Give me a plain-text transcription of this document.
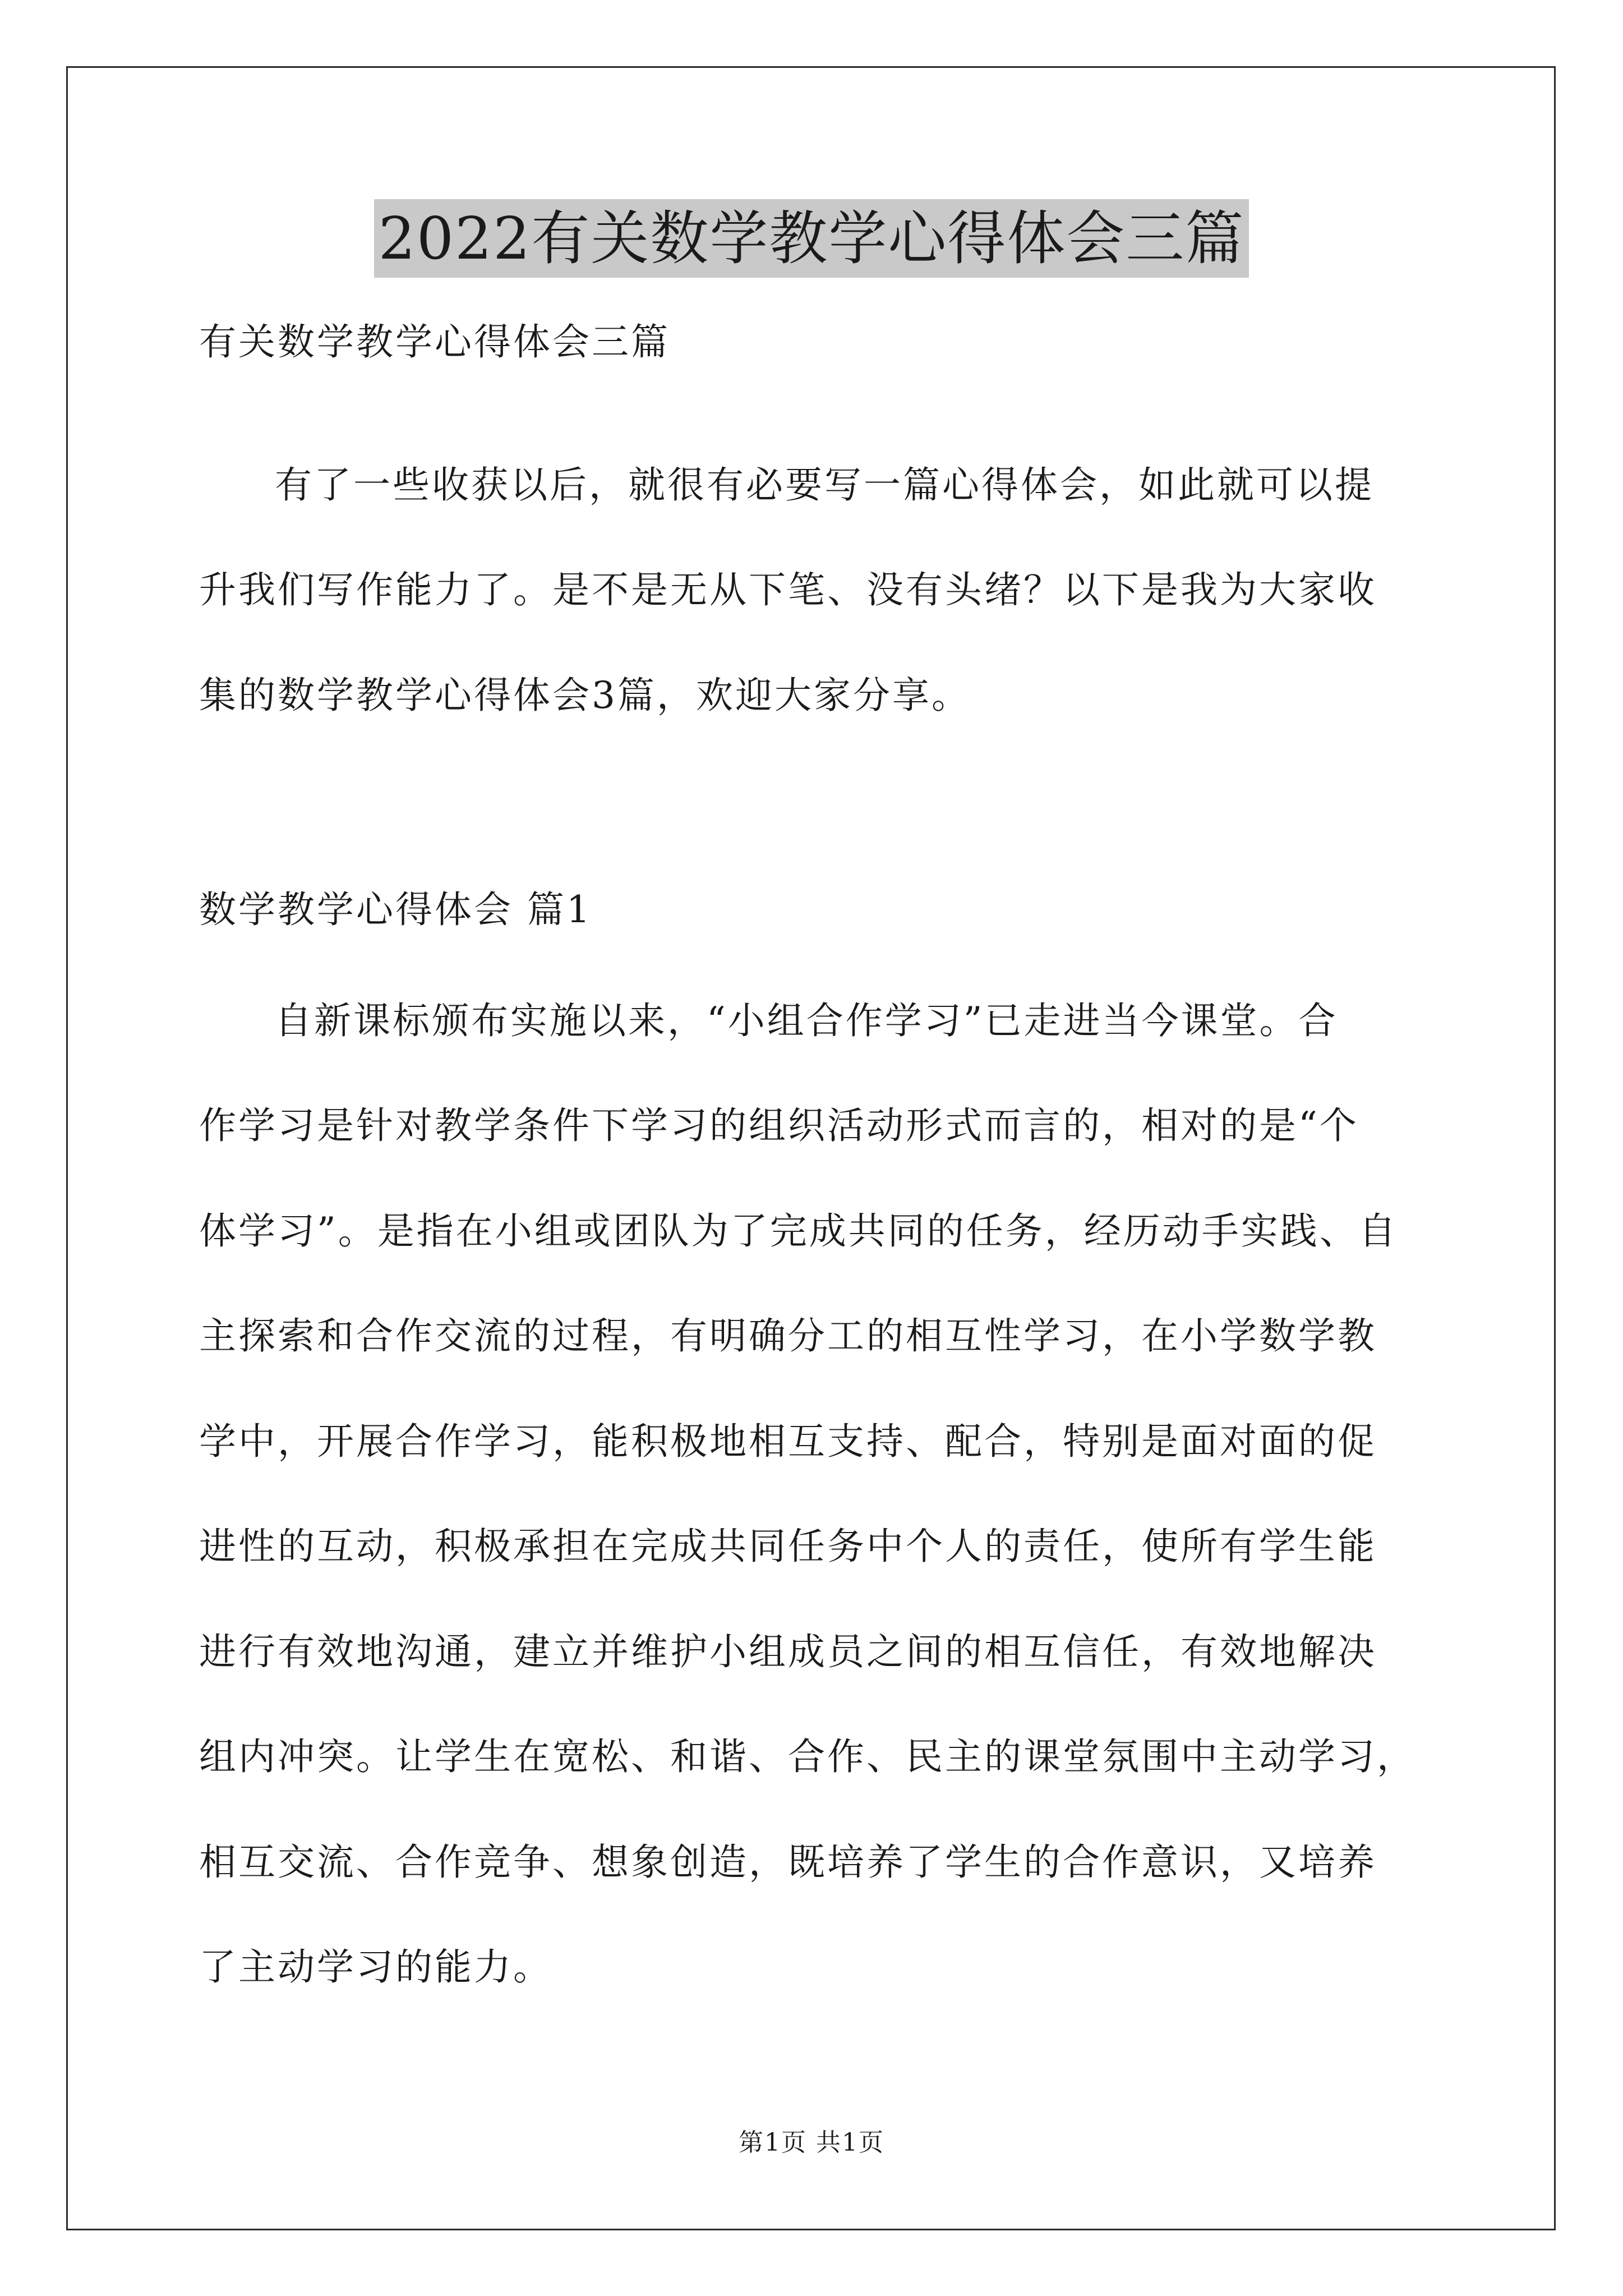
2022有关数学教学心得体会三篇
有关数学教学心得体会三篇
有了一些收获以后，就很有必要写一篇心得体会，如此就可以提
升我们写作能力了。是不是无从下笔、没有头绪？以下是我为大家收
集的数学教学心得体会3篇，欢迎大家分享。
数学教学心得体会 篇1
自新课标颁布实施以来，“小组合作学习”已走进当今课堂。合
作学习是针对教学条件下学习的组织活动形式而言的，相对的是“个
体学习”。是指在小组或团队为了完成共同的任务，经历动手实践、自
主探索和合作交流的过程，有明确分工的相互性学习，在小学数学教
学中，开展合作学习，能积极地相互支持、配合，特别是面对面的促
进性的互动，积极承担在完成共同任务中个人的责任，使所有学生能
进行有效地沟通，建立并维护小组成员之间的相互信任，有效地解决
组内冲突。让学生在宽松、和谐、合作、民主的课堂氛围中主动学习，
相互交流、合作竞争、想象创造，既培养了学生的合作意识，又培养
了主动学习的能力。
第1页 共1页
